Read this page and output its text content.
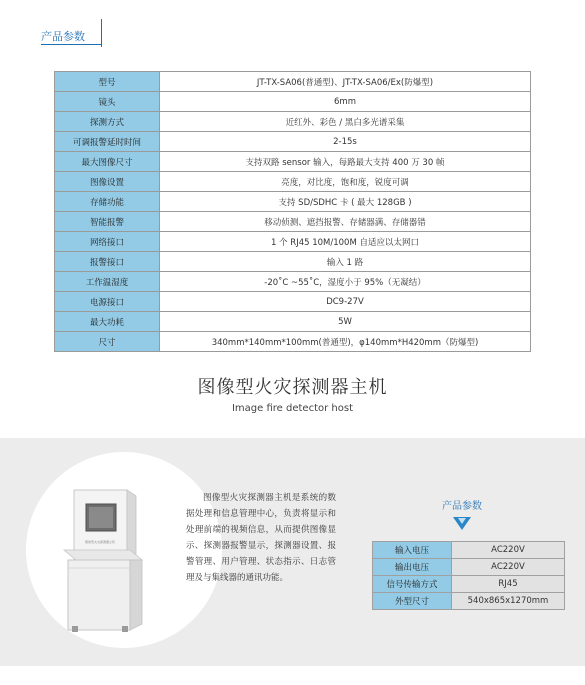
产品参数
型号	JT-TX-SA06(普通型)、JT-TX-SA06/Ex(防爆型)
镜头	6mm
探测方式	近红外、彩色 / 黑白多光谱采集
可调报警延时时间	2-15s
最大图像尺寸	支持双路 sensor 输入，每路最大支持 400 万 30 帧
图像设置	亮度，对比度，饱和度，锐度可调
存储功能	支持 SD/SDHC 卡 ( 最大 128GB )
智能报警	移动侦测、遮挡报警、存储器满、存储器错
网络接口	1 个 RJ45 10M/100M 自适应以太网口
报警接口	输入 1 路
工作温湿度	-20˚C ~55˚C，湿度小于 95%（无凝结）
电源接口	DC9-27V
最大功耗	5W
尺寸	340mm*140mm*100mm(普通型)，φ140mm*H420mm（防爆型)
图像型火灾探测器主机
Image fire detector host
图像型火灾探测器主机
图像型火灾探测器主机是系统的数据处理和信息管理中心，负责将显示和处理前端的视频信息，从而提供图像显示、探测器报警显示，探测器设置、报警管理、用户管理、状态指示、日志管理及与集线器的通讯功能。
产品参数
输入电压	AC220V
输出电压	AC220V
信号传输方式	RJ45
外型尺寸	540x865x1270mm
